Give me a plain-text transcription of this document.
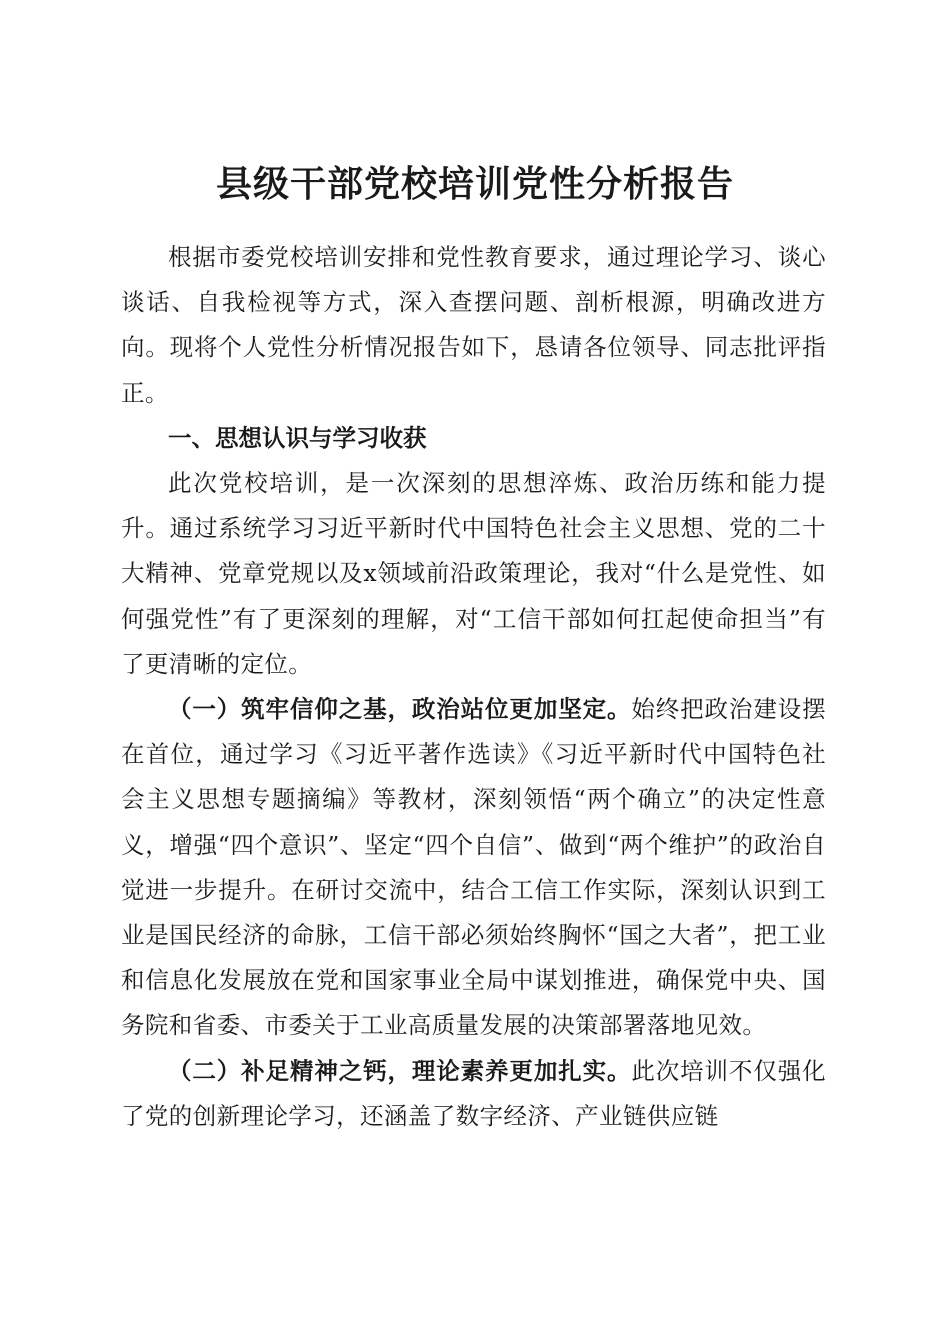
县级干部党校培训党性分析报告

根据市委党校培训安排和党性教育要求，通过理论学习、谈心谈话、自我检视等方式，深入查摆问题、剖析根源，明确改进方向。现将个人党性分析情况报告如下，恳请各位领导、同志批评指正。

一、思想认识与学习收获

此次党校培训，是一次深刻的思想淬炼、政治历练和能力提升。通过系统学习习近平新时代中国特色社会主义思想、党的二十大精神、党章党规以及x领域前沿政策理论，我对“什么是党性、如何强党性”有了更深刻的理解，对“工信干部如何扛起使命担当”有了更清晰的定位。

（一）筑牢信仰之基，政治站位更加坚定。始终把政治建设摆在首位，通过学习《习近平著作选读》《习近平新时代中国特色社会主义思想专题摘编》等教材，深刻领悟“两个确立”的决定性意义，增强“四个意识”、坚定“四个自信”、做到“两个维护”的政治自觉进一步提升。在研讨交流中，结合工信工作实际，深刻认识到工业是国民经济的命脉，工信干部必须始终胸怀“国之大者”，把工业和信息化发展放在党和国家事业全局中谋划推进，确保党中央、国务院和省委、市委关于工业高质量发展的决策部署落地见效。

（二）补足精神之钙，理论素养更加扎实。此次培训不仅强化了党的创新理论学习，还涵盖了数字经济、产业链供应链
